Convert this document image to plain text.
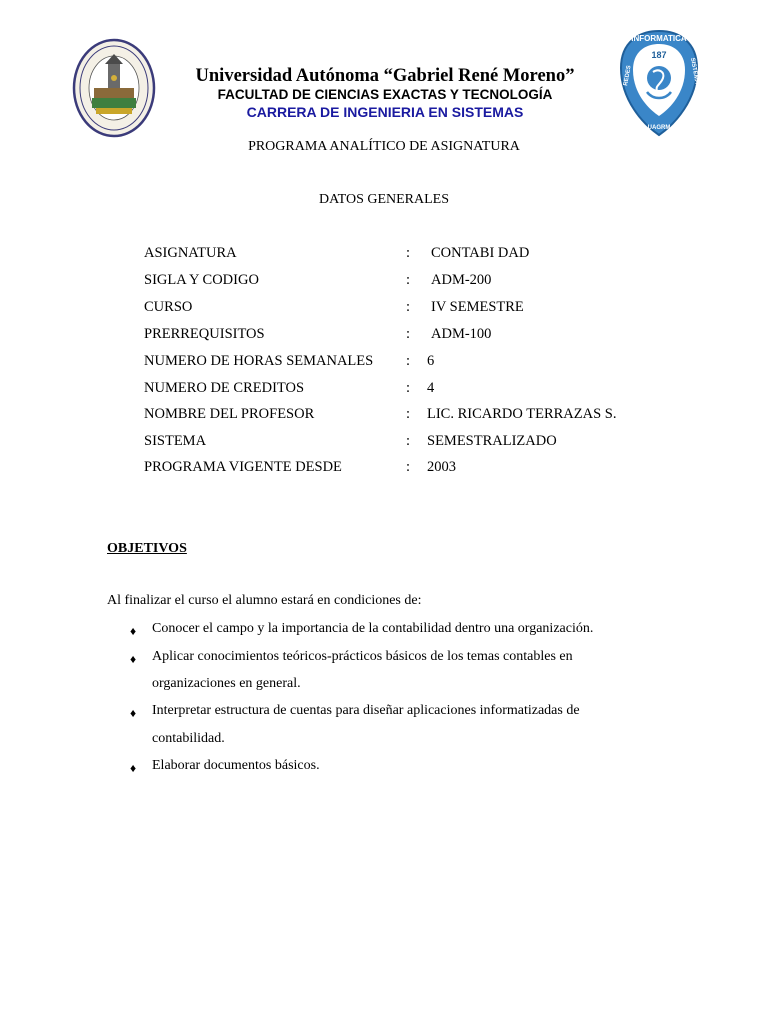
INFORMATICA
REDES	SISTEMAS
187
UAGRM
Universidad Autónoma “Gabriel René Moreno”
FACULTAD DE CIENCIAS EXACTAS Y TECNOLOGÍA
CARRERA DE INGENIERIA EN SISTEMAS
PROGRAMA ANALÍTICO DE ASIGNATURA
DATOS GENERALES
ASIGNATURA	: CONTABI DAD
SIGLA Y CODIGO	: ADM-200
CURSO	: IV SEMESTRE
PRERREQUISITOS	: ADM-100
NUMERO DE HORAS SEMANALES : 6
NUMERO DE CREDITOS	: 4
NOMBRE DEL PROFESOR	: LIC. RICARDO TERRAZAS S.
SISTEMA	: SEMESTRALIZADO
PROGRAMA VIGENTE DESDE	: 2003
OBJETIVOS
Al finalizar el curso el alumno estará en condiciones de:
♦ Conocer el campo y la importancia de la contabilidad dentro una organización.
♦ Aplicar conocimientos teóricos-prácticos básicos de los temas contables en
organizaciones en general.
♦ Interpretar estructura de cuentas para diseñar aplicaciones informatizadas de
contabilidad.
♦ Elaborar documentos básicos.
